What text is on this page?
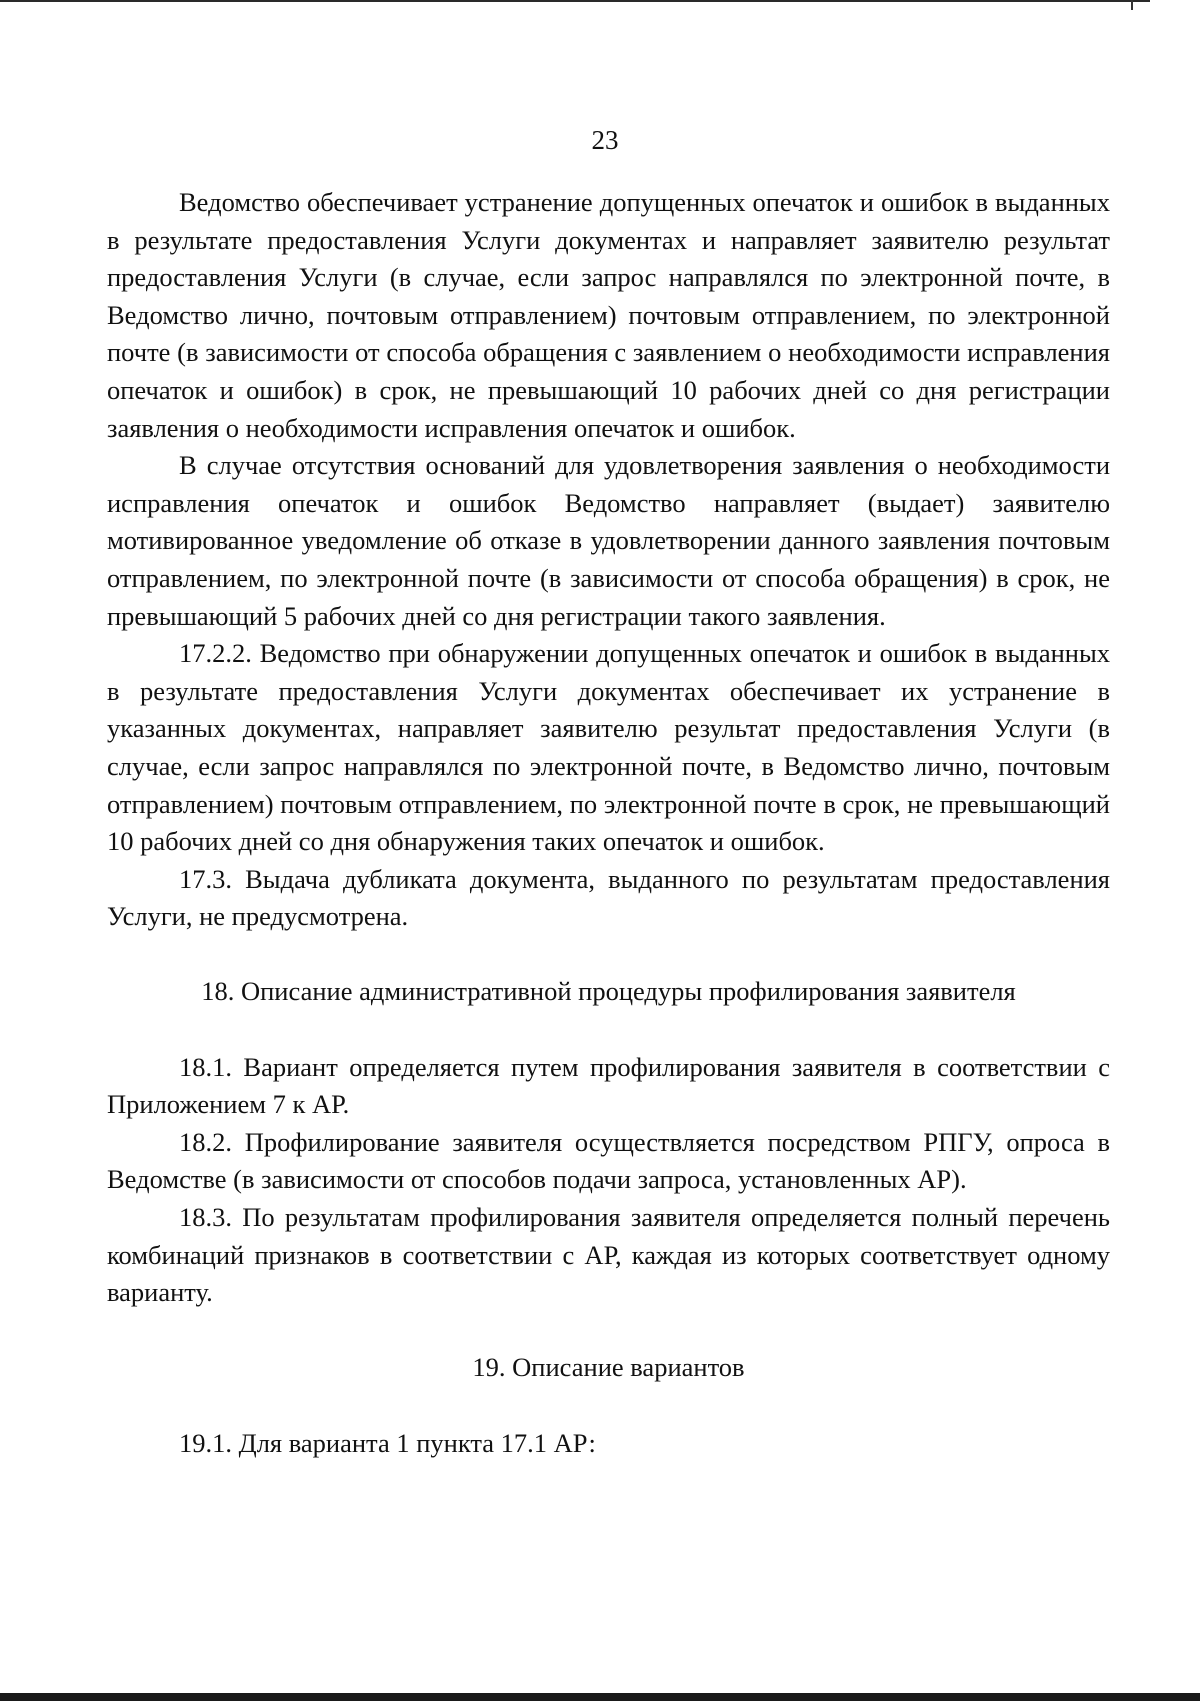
23

Ведомство обеспечивает устранение допущенных опечаток и ошибок в выданных в результате предоставления Услуги документах и направляет заявителю результат предоставления Услуги (в случае, если запрос направлялся по электронной почте, в Ведомство лично, почтовым отправлением) почтовым отправлением, по электронной почте (в зависимости от способа обращения с заявлением о необходимости исправления опечаток и ошибок) в срок, не превышающий 10 рабочих дней со дня регистрации заявления о необходимости исправления опечаток и ошибок.

В случае отсутствия оснований для удовлетворения заявления о необходимости исправления опечаток и ошибок Ведомство направляет (выдает) заявителю мотивированное уведомление об отказе в удовлетворении данного заявления почтовым отправлением, по электронной почте (в зависимости от способа обращения) в срок, не превышающий 5 рабочих дней со дня регистрации такого заявления.

17.2.2. Ведомство при обнаружении допущенных опечаток и ошибок в выданных в результате предоставления Услуги документах обеспечивает их устранение в указанных документах, направляет заявителю результат предоставления Услуги (в случае, если запрос направлялся по электронной почте, в Ведомство лично, почтовым отправлением) почтовым отправлением, по электронной почте в срок, не превышающий 10 рабочих дней со дня обнаружения таких опечаток и ошибок.

17.3. Выдача дубликата документа, выданного по результатам предоставления Услуги, не предусмотрена.

18. Описание административной процедуры профилирования заявителя

18.1. Вариант определяется путем профилирования заявителя в соответствии с Приложением 7 к АР.

18.2. Профилирование заявителя осуществляется посредством РПГУ, опроса в Ведомстве (в зависимости от способов подачи запроса, установленных АР).

18.3. По результатам профилирования заявителя определяется полный перечень комбинаций признаков в соответствии с АР, каждая из которых соответствует одному варианту.

19. Описание вариантов

19.1. Для варианта 1 пункта 17.1 АР:
